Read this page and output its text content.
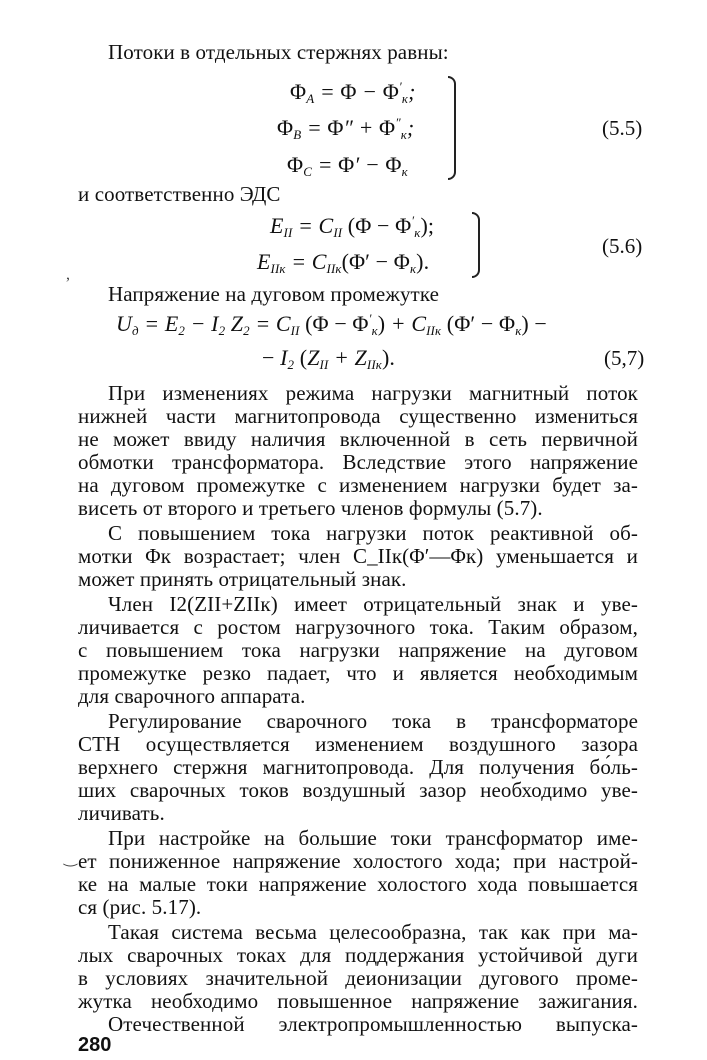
Потоки в отдельных стержнях равны:
$\Phi_A = \Phi - \Phi'_к$;
$\Phi_B = \Phi'' + \Phi''_к$;
$\Phi_C = \Phi' - \Phi_к$
(5.5)
и соответственно ЭДС
$E_{II} = C_{II}$ $(\Phi - \Phi'_к)$;
$E_{IIк} = C_{IIк}(\Phi' - \Phi_к)$.
(5.6)
,
Напряжение на дуговом промежутке
$U_д = E_2 - I_2$ $Z_2 = C_{II}$ $(\Phi - \Phi'_к) + C_{IIк}$ $(\Phi' - \Phi_к)$ −
− $I_2$ $(Z_{II} + Z_{IIк})$.	(5,7)
При изменениях режима нагрузки магнитный поток
нижней части магнитопровода существенно измениться
не может ввиду наличия включенной в сеть первичной
обмотки трансформатора. Вследствие этого напряжение
на дуговом промежутке с изменением нагрузки будет за-
висеть от второго и третьего членов формулы (5.7).
С повышением тока нагрузки поток реактивной об-
мотки Φк возрастает; член C_IIк(Φ′—Φк) уменьшается и
может принять отрицательный знак.
Член I2(ZII+ZIIк) имеет отрицательный знак и уве-
личивается с ростом нагрузочного тока. Таким образом,
с повышением тока нагрузки напряжение на дуговом
промежутке резко падает, что и является необходимым
для сварочного аппарата.
Регулирование сварочного тока в трансформаторе
СТН осуществляется изменением воздушного зазора
верхнего стержня магнитопровода. Для получения бо́ль-
ших сварочных токов воздушный зазор необходимо уве-
личивать.
При настройке на большие токи трансформатор име-
‿ ет пониженное напряжение холостого хода; при настрой-
ке на малые токи напряжение холостого хода повышается
ся (рис. 5.17).
Такая система весьма целесообразна, так как при ма-
лых сварочных токах для поддержания устойчивой дуги
в условиях значительной деионизации дугового проме-
жутка необходимо повышенное напряжение зажигания.
Отечественной электропромышленностью выпуска-
280
